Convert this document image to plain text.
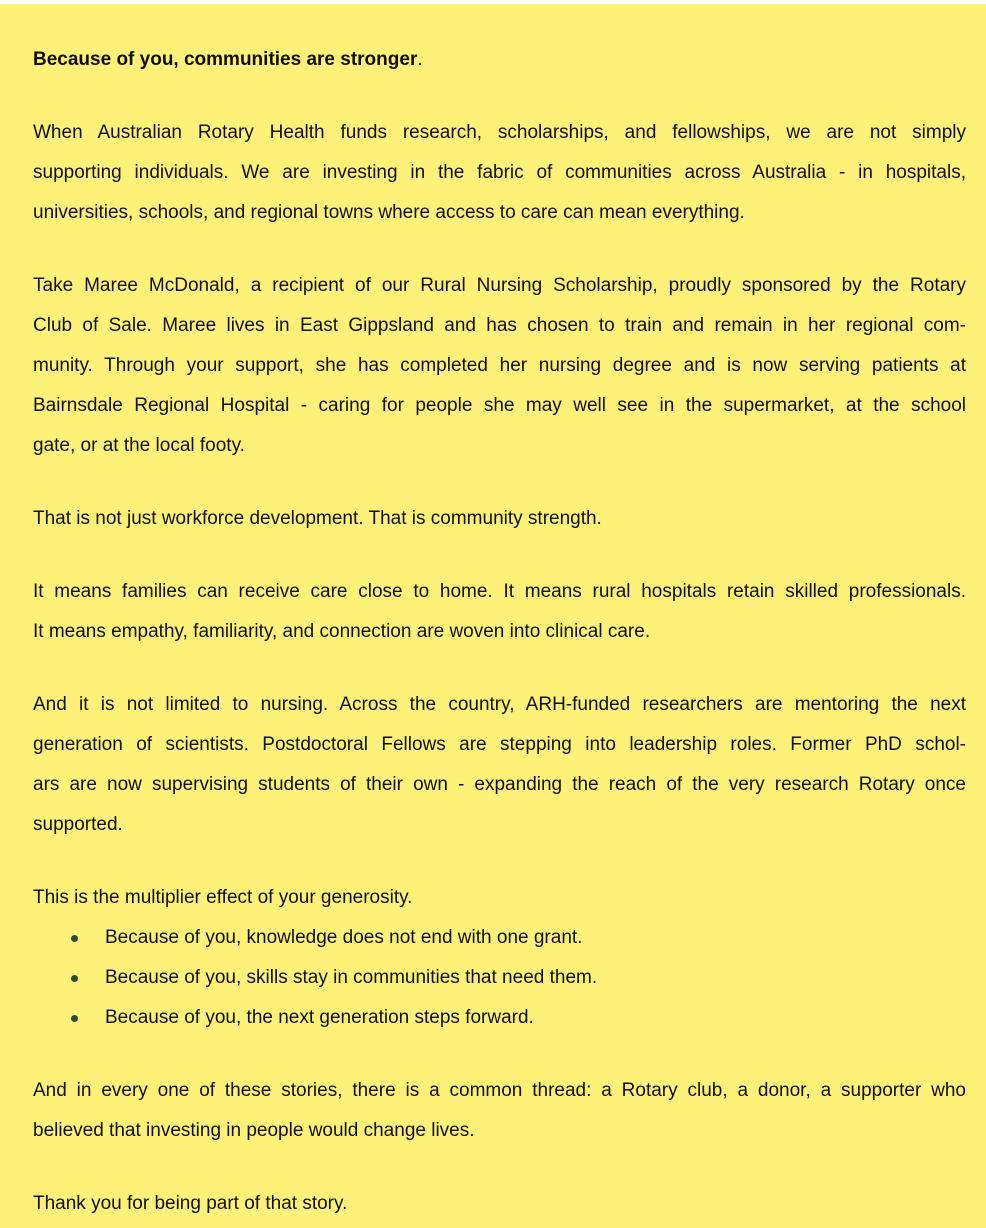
Because of you, communities are stronger.
When Australian Rotary Health funds research, scholarships, and fellowships, we are not simply
supporting individuals. We are investing in the fabric of communities across Australia - in hospitals,
universities, schools, and regional towns where access to care can mean everything.
Take Maree McDonald, a recipient of our Rural Nursing Scholarship, proudly sponsored by the Rotary
Club of Sale. Maree lives in East Gippsland and has chosen to train and remain in her regional com-
munity. Through your support, she has completed her nursing degree and is now serving patients at
Bairnsdale Regional Hospital - caring for people she may well see in the supermarket, at the school
gate, or at the local footy.
That is not just workforce development. That is community strength.
It means families can receive care close to home. It means rural hospitals retain skilled professionals.
It means empathy, familiarity, and connection are woven into clinical care.
And it is not limited to nursing. Across the country, ARH-funded researchers are mentoring the next
generation of scientists. Postdoctoral Fellows are stepping into leadership roles. Former PhD schol-
ars are now supervising students of their own - expanding the reach of the very research Rotary once
supported.
This is the multiplier effect of your generosity.
Because of you, knowledge does not end with one grant.
Because of you, skills stay in communities that need them.
Because of you, the next generation steps forward.
And in every one of these stories, there is a common thread: a Rotary club, a donor, a supporter who
believed that investing in people would change lives.
Thank you for being part of that story.
